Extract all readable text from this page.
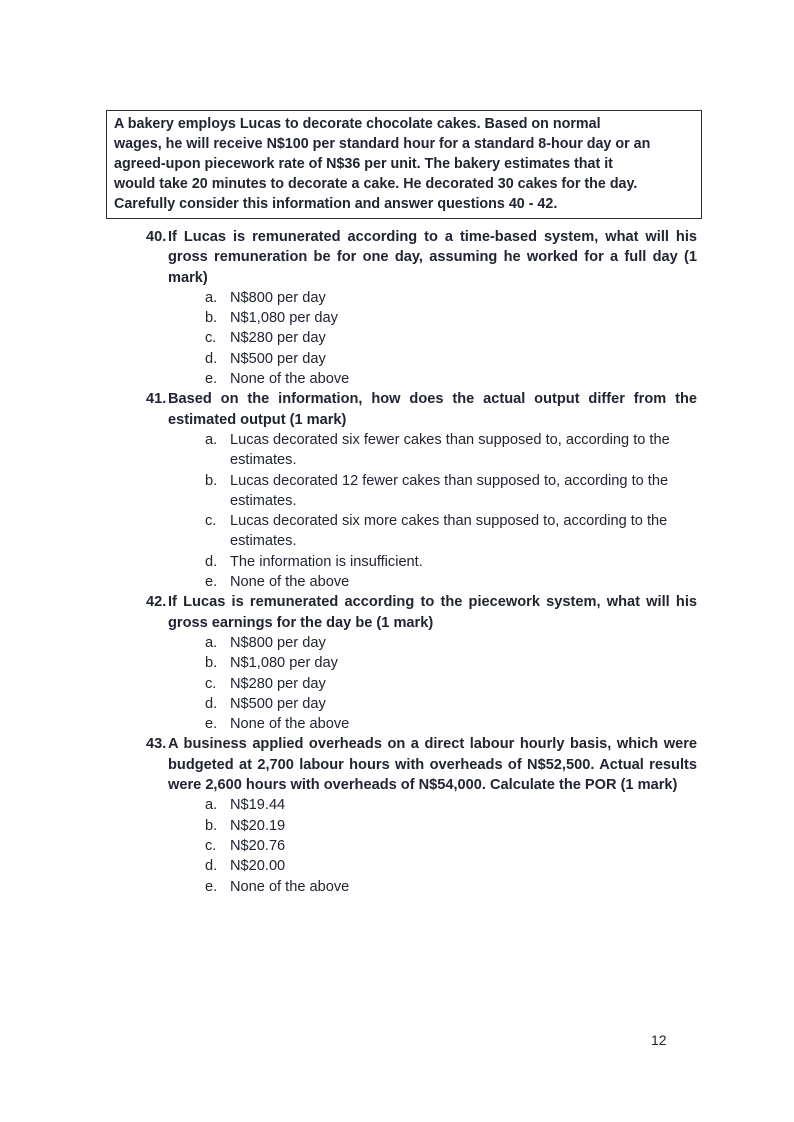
A bakery employs Lucas to decorate chocolate cakes. Based on normal
wages, he will receive N$100 per standard hour for a standard 8-hour day or an
agreed-upon piecework rate of N$36 per unit. The bakery estimates that it
would take 20 minutes to decorate a cake. He decorated 30 cakes for the day.
Carefully consider this information and answer questions 40 - 42.
40. If Lucas is remunerated according to a time-based system, what will his gross remuneration be for one day, assuming he worked for a full day (1 mark)
a. N$800 per day
b. N$1,080 per day
c. N$280 per day
d. N$500 per day
e. None of the above
41. Based on the information, how does the actual output differ from the estimated output (1 mark)
a. Lucas decorated six fewer cakes than supposed to, according to the estimates.
b. Lucas decorated 12 fewer cakes than supposed to, according to the estimates.
c. Lucas decorated six more cakes than supposed to, according to the estimates.
d. The information is insufficient.
e. None of the above
42. If Lucas is remunerated according to the piecework system, what will his gross earnings for the day be (1 mark)
a. N$800 per day
b. N$1,080 per day
c. N$280 per day
d. N$500 per day
e. None of the above
43. A business applied overheads on a direct labour hourly basis, which were budgeted at 2,700 labour hours with overheads of N$52,500. Actual results were 2,600 hours with overheads of N$54,000. Calculate the POR (1 mark)
a. N$19.44
b. N$20.19
c. N$20.76
d. N$20.00
e. None of the above
12
